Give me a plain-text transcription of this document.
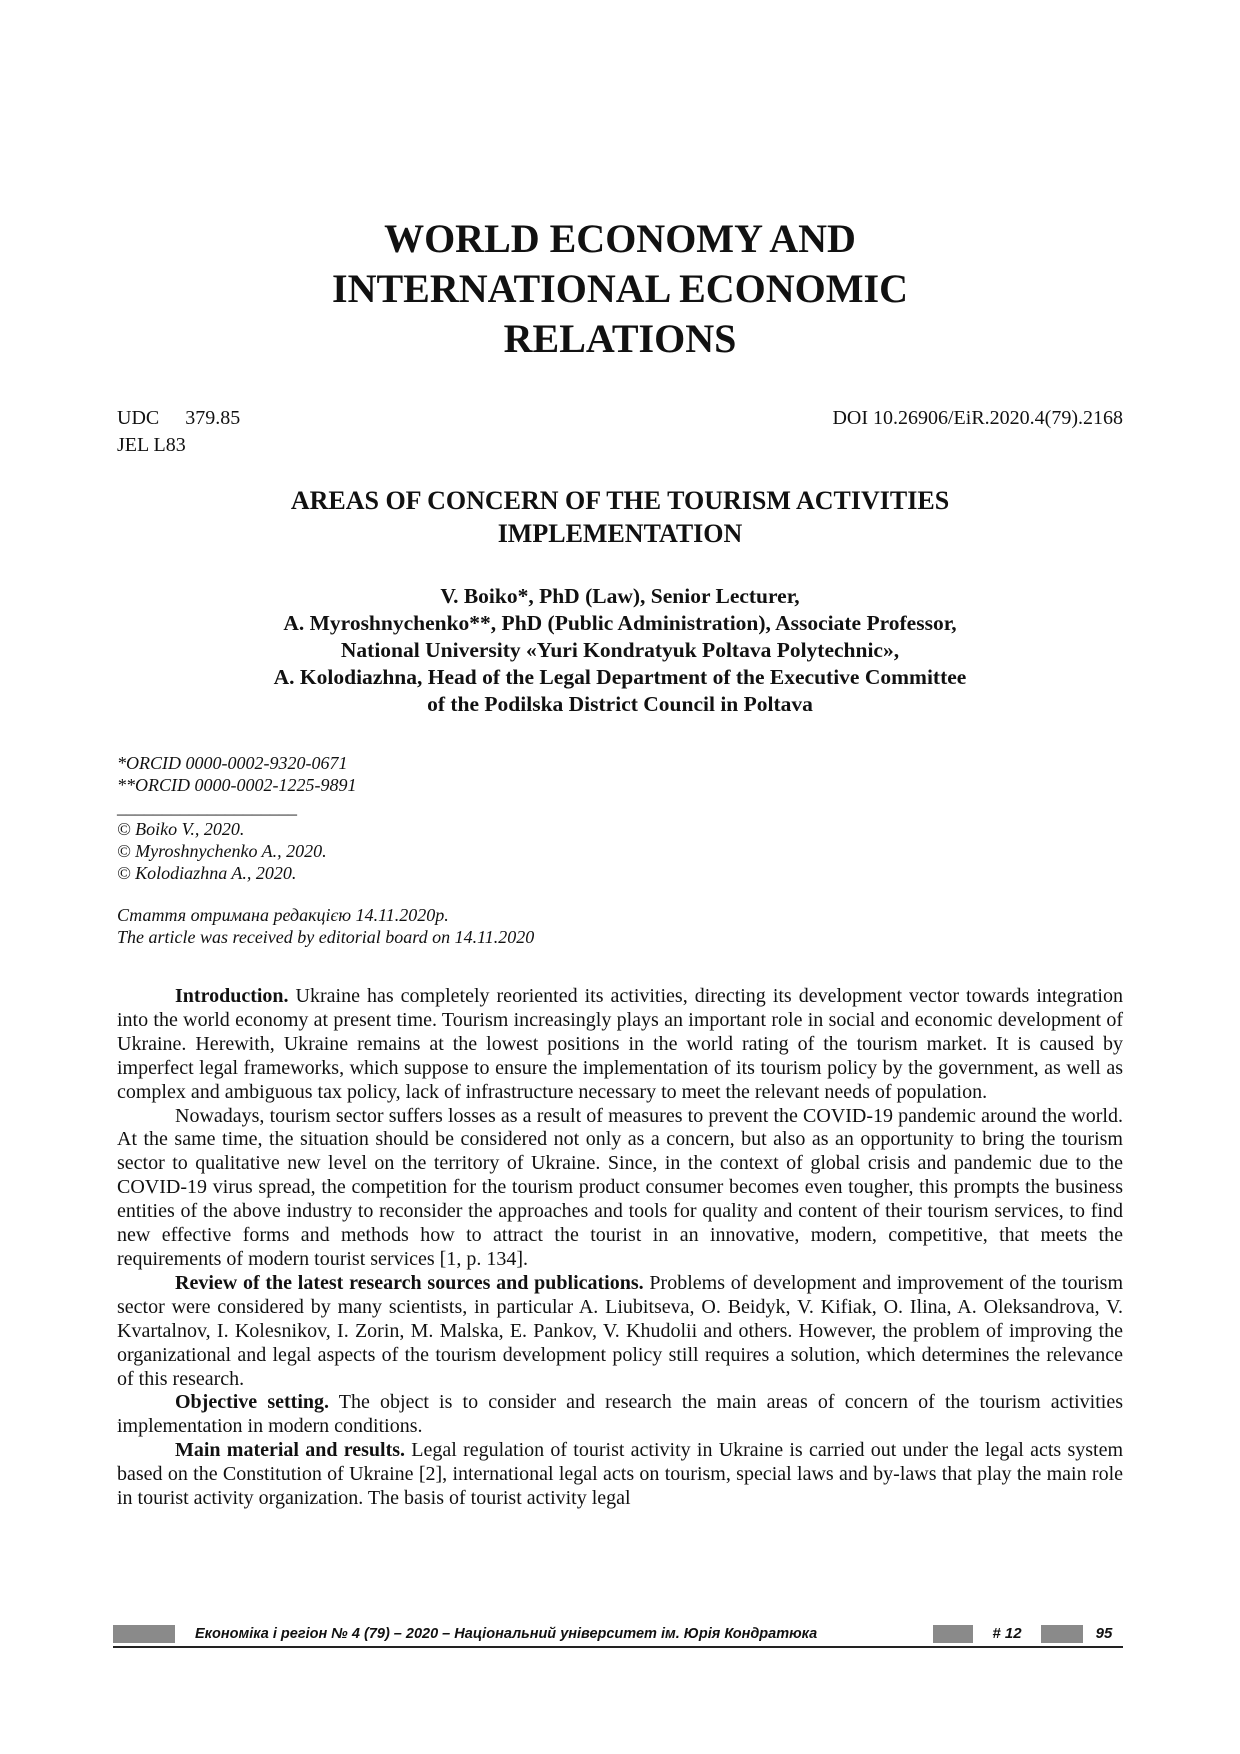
WORLD ECONOMY AND
INTERNATIONAL ECONOMIC
RELATIONS
UDC 379.85
JEL L83
DOI 10.26906/EiR.2020.4(79).2168
AREAS OF CONCERN OF THE TOURISM ACTIVITIES
IMPLEMENTATION
V. Boiko*, PhD (Law), Senior Lecturer,
A. Myroshnychenko**, PhD (Public Administration), Associate Professor,
National University «Yuri Kondratyuk Poltava Polytechnic»,
A. Kolodiazhna, Head of the Legal Department of the Executive Committee
of the Podilska District Council in Poltava
*ORCID 0000-0002-9320-0671
**ORCID 0000-0002-1225-9891
____________________
© Boiko V., 2020.
© Myroshnychenko A., 2020.
© Kolodiazhna A., 2020.
Стаття отримана редакцією 14.11.2020р.
The article was received by editorial board on 14.11.2020

Introduction. Ukraine has completely reoriented its activities, directing its development vector towards integration into the world economy at present time. Tourism increasingly plays an important role in social and economic development of Ukraine. Herewith, Ukraine remains at the lowest positions in the world rating of the tourism market. It is caused by imperfect legal frameworks, which suppose to ensure the implementation of its tourism policy by the government, as well as complex and ambiguous tax policy, lack of infrastructure necessary to meet the relevant needs of population.

Nowadays, tourism sector suffers losses as a result of measures to prevent the COVID-19 pandemic around the world. At the same time, the situation should be considered not only as a concern, but also as an opportunity to bring the tourism sector to qualitative new level on the territory of Ukraine. Since, in the context of global crisis and pandemic due to the COVID-19 virus spread, the competition for the tourism product consumer becomes even tougher, this prompts the business entities of the above industry to reconsider the approaches and tools for quality and content of their tourism services, to find new effective forms and methods how to attract the tourist in an innovative, modern, competitive, that meets the requirements of modern tourist services [1, p. 134].

Review of the latest research sources and publications. Problems of development and improvement of the tourism sector were considered by many scientists, in particular A. Liubitseva, O. Beidyk, V. Kifiak, O. Ilina, A. Oleksandrova, V. Kvartalnov, I. Kolesnikov, I. Zorin, M. Malska, E. Pankov, V. Khudolii and others. However, the problem of improving the organizational and legal aspects of the tourism development policy still requires a solution, which determines the relevance of this research.

Objective setting. The object is to consider and research the main areas of concern of the tourism activities implementation in modern conditions.

Main material and results. Legal regulation of tourist activity in Ukraine is carried out under the legal acts system based on the Constitution of Ukraine [2], international legal acts on tourism, special laws and by-laws that play the main role in tourist activity organization. The basis of tourist activity legal

Економіка і регіон № 4 (79) – 2020 – Національний університет ім. Юрія Кондратюка	# 12	95
